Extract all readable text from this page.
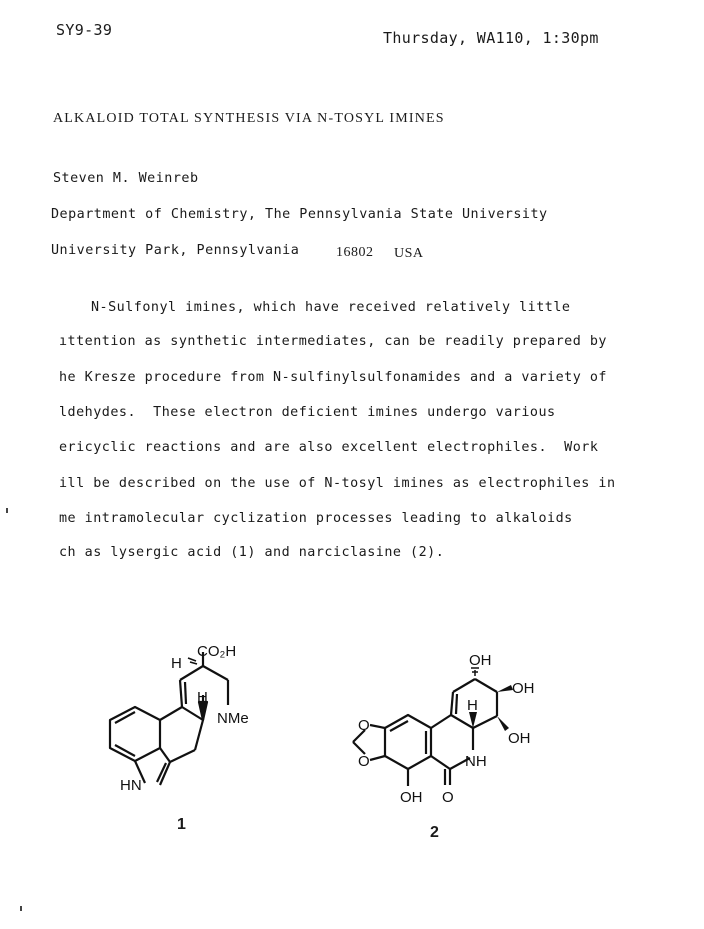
SY9-39	Thursday, WA110, 1:30pm
ALKALOID TOTAL SYNTHESIS VIA N-TOSYL IMINES
Steven M. Weinreb
Department of Chemistry, The Pennsylvania State University
University Park, Pennsylvania	16802 USA
N-Sulfonyl imines, which have received relatively little
ıttention as synthetic intermediates, can be readily prepared by
he Kresze procedure from N-sulfinylsulfonamides and a variety of
ldehydes.  These electron deficient imines undergo various
ericyclic reactions and are also excellent electrophiles.  Work
ill be described on the use of N-tosyl imines as electrophiles in
me intramolecular cyclization processes leading to alkaloids
ch as lysergic acid (1) and narciclasine (2).
CO₂H
H
H
NMe
HN
1
OH
OH
H
OH
NH
OH O
O
O
2
